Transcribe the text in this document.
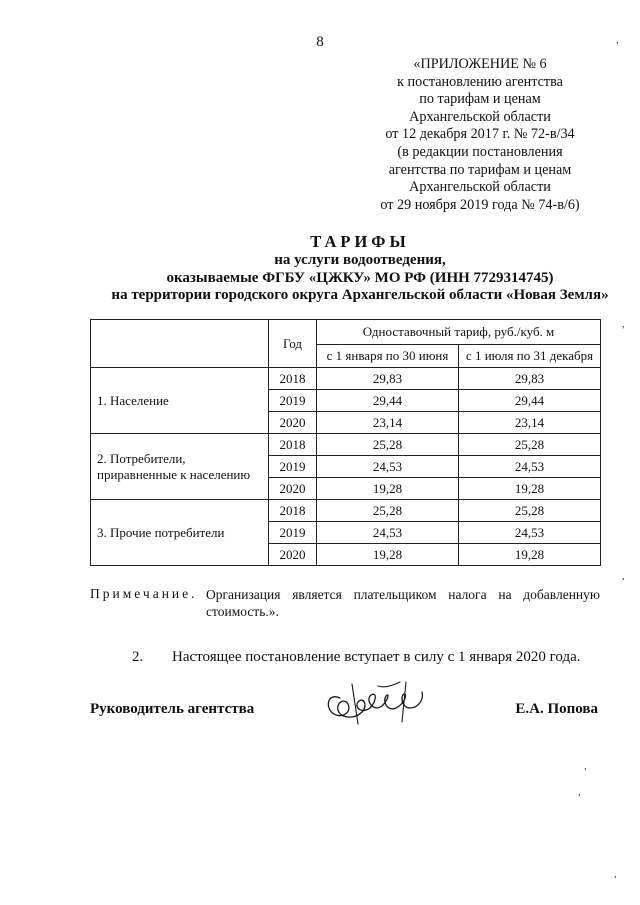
8
«ПРИЛОЖЕНИЕ № 6
к постановлению агентства
по тарифам и ценам
Архангельской области
от 12 декабря 2017 г. № 72-в/34
(в редакции постановления
агентства по тарифам и ценам
Архангельской области
от 29 ноября 2019 года № 74-в/6)
ТАРИФЫ
на услуги водоотведения,
оказываемые ФГБУ «ЦЖКУ» МО РФ (ИНН 7729314745)
на территории городского округа Архангельской области «Новая Земля»
	Год	Одноставочный тариф, руб./куб. м	
		с 1 января по 30 июня	с 1 июля по 31 декабря
1. Население	2018	29,83	29,83
	2019	29,44	29,44
	2020	23,14	23,14
2. Потребители, приравненные к населению	2018	25,28	25,28
	2019	24,53	24,53
	2020	19,28	19,28
3. Прочие потребители	2018	25,28	25,28
	2019	24,53	24,53
	2020	19,28	19,28
Примечание. Организация является плательщиком налога на добавленную стоимость.».
2. Настоящее постановление вступает в силу с 1 января 2020 года.
Руководитель агентства	Е.А. Попова
,
,
,
,
,
,
